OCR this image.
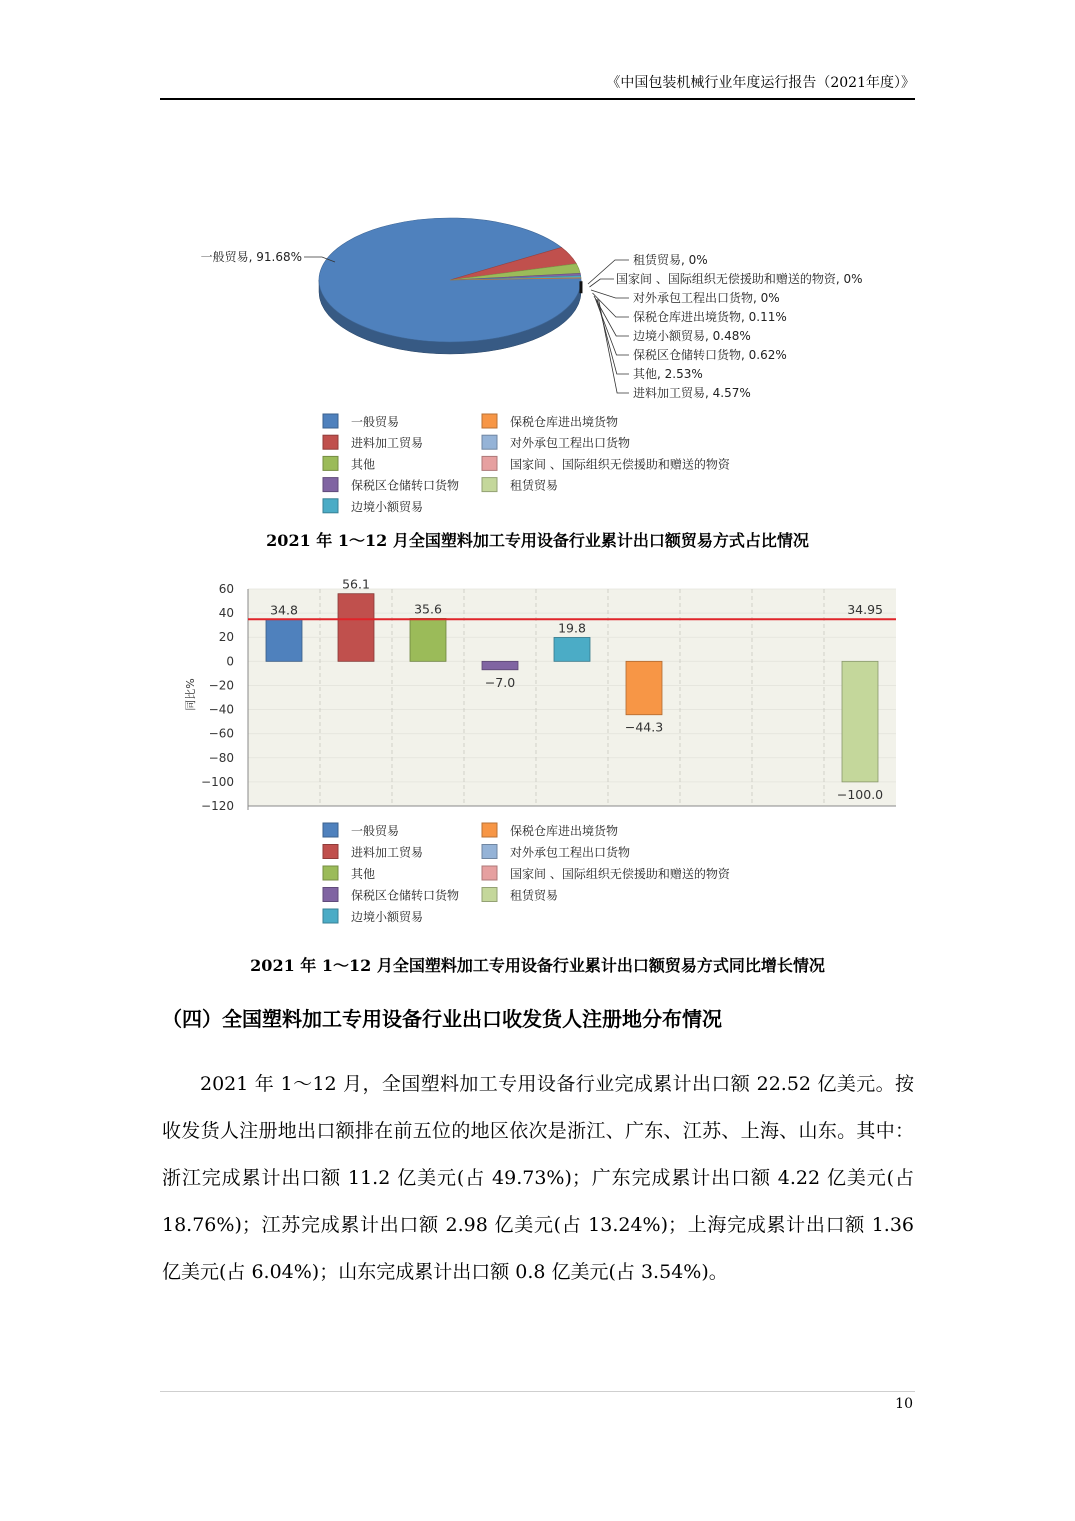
《中国包装机械行业年度运行报告（2021年度）》
一般贸易, 91.68%	租赁贸易, 0%
国家间 、国际组织无偿援助和赠送的物资, 0%
对外承包工程出口货物, 0%
保税仓库进出境货物, 0.11%
边境小额贸易, 0.48%
保税区仓储转口货物, 0.62%
其他, 2.53%
进料加工贸易, 4.57%
一般贸易	保税仓库进出境货物
进料加工贸易	对外承包工程出口货物
其他	国家间 、国际组织无偿援助和赠送的物资
保税区仓储转口货物	租赁贸易
边境小额贸易
2021 年 1～12 月全国塑料加工专用设备行业累计出口额贸易方式占比情况
60
40
20
0
−20
−40
−60
−80
−100
−120
同比%
34.8
56.1
35.6
−7.0
19.8
−44.3
−100.0
34.95
一般贸易	保税仓库进出境货物
进料加工贸易	对外承包工程出口货物
其他	国家间 、国际组织无偿援助和赠送的物资
保税区仓储转口货物	租赁贸易
边境小额贸易
2021 年 1～12 月全国塑料加工专用设备行业累计出口额贸易方式同比增长情况
（四）全国塑料加工专用设备行业出口收发货人注册地分布情况
2021 年 1～12 月，全国塑料加工专用设备行业完成累计出口额 22.52 亿美元。按收发货人注册地出口额排在前五位的地区依次是浙江、广东、江苏、上海、山东。其中：浙江完成累计出口额 11.2 亿美元(占 49.73%)；广东完成累计出口额 4.22 亿美元(占 18.76%)；江苏完成累计出口额 2.98 亿美元(占 13.24%)；上海完成累计出口额 1.36 亿美元(占 6.04%)；山东完成累计出口额 0.8 亿美元(占 3.54%)。
10
